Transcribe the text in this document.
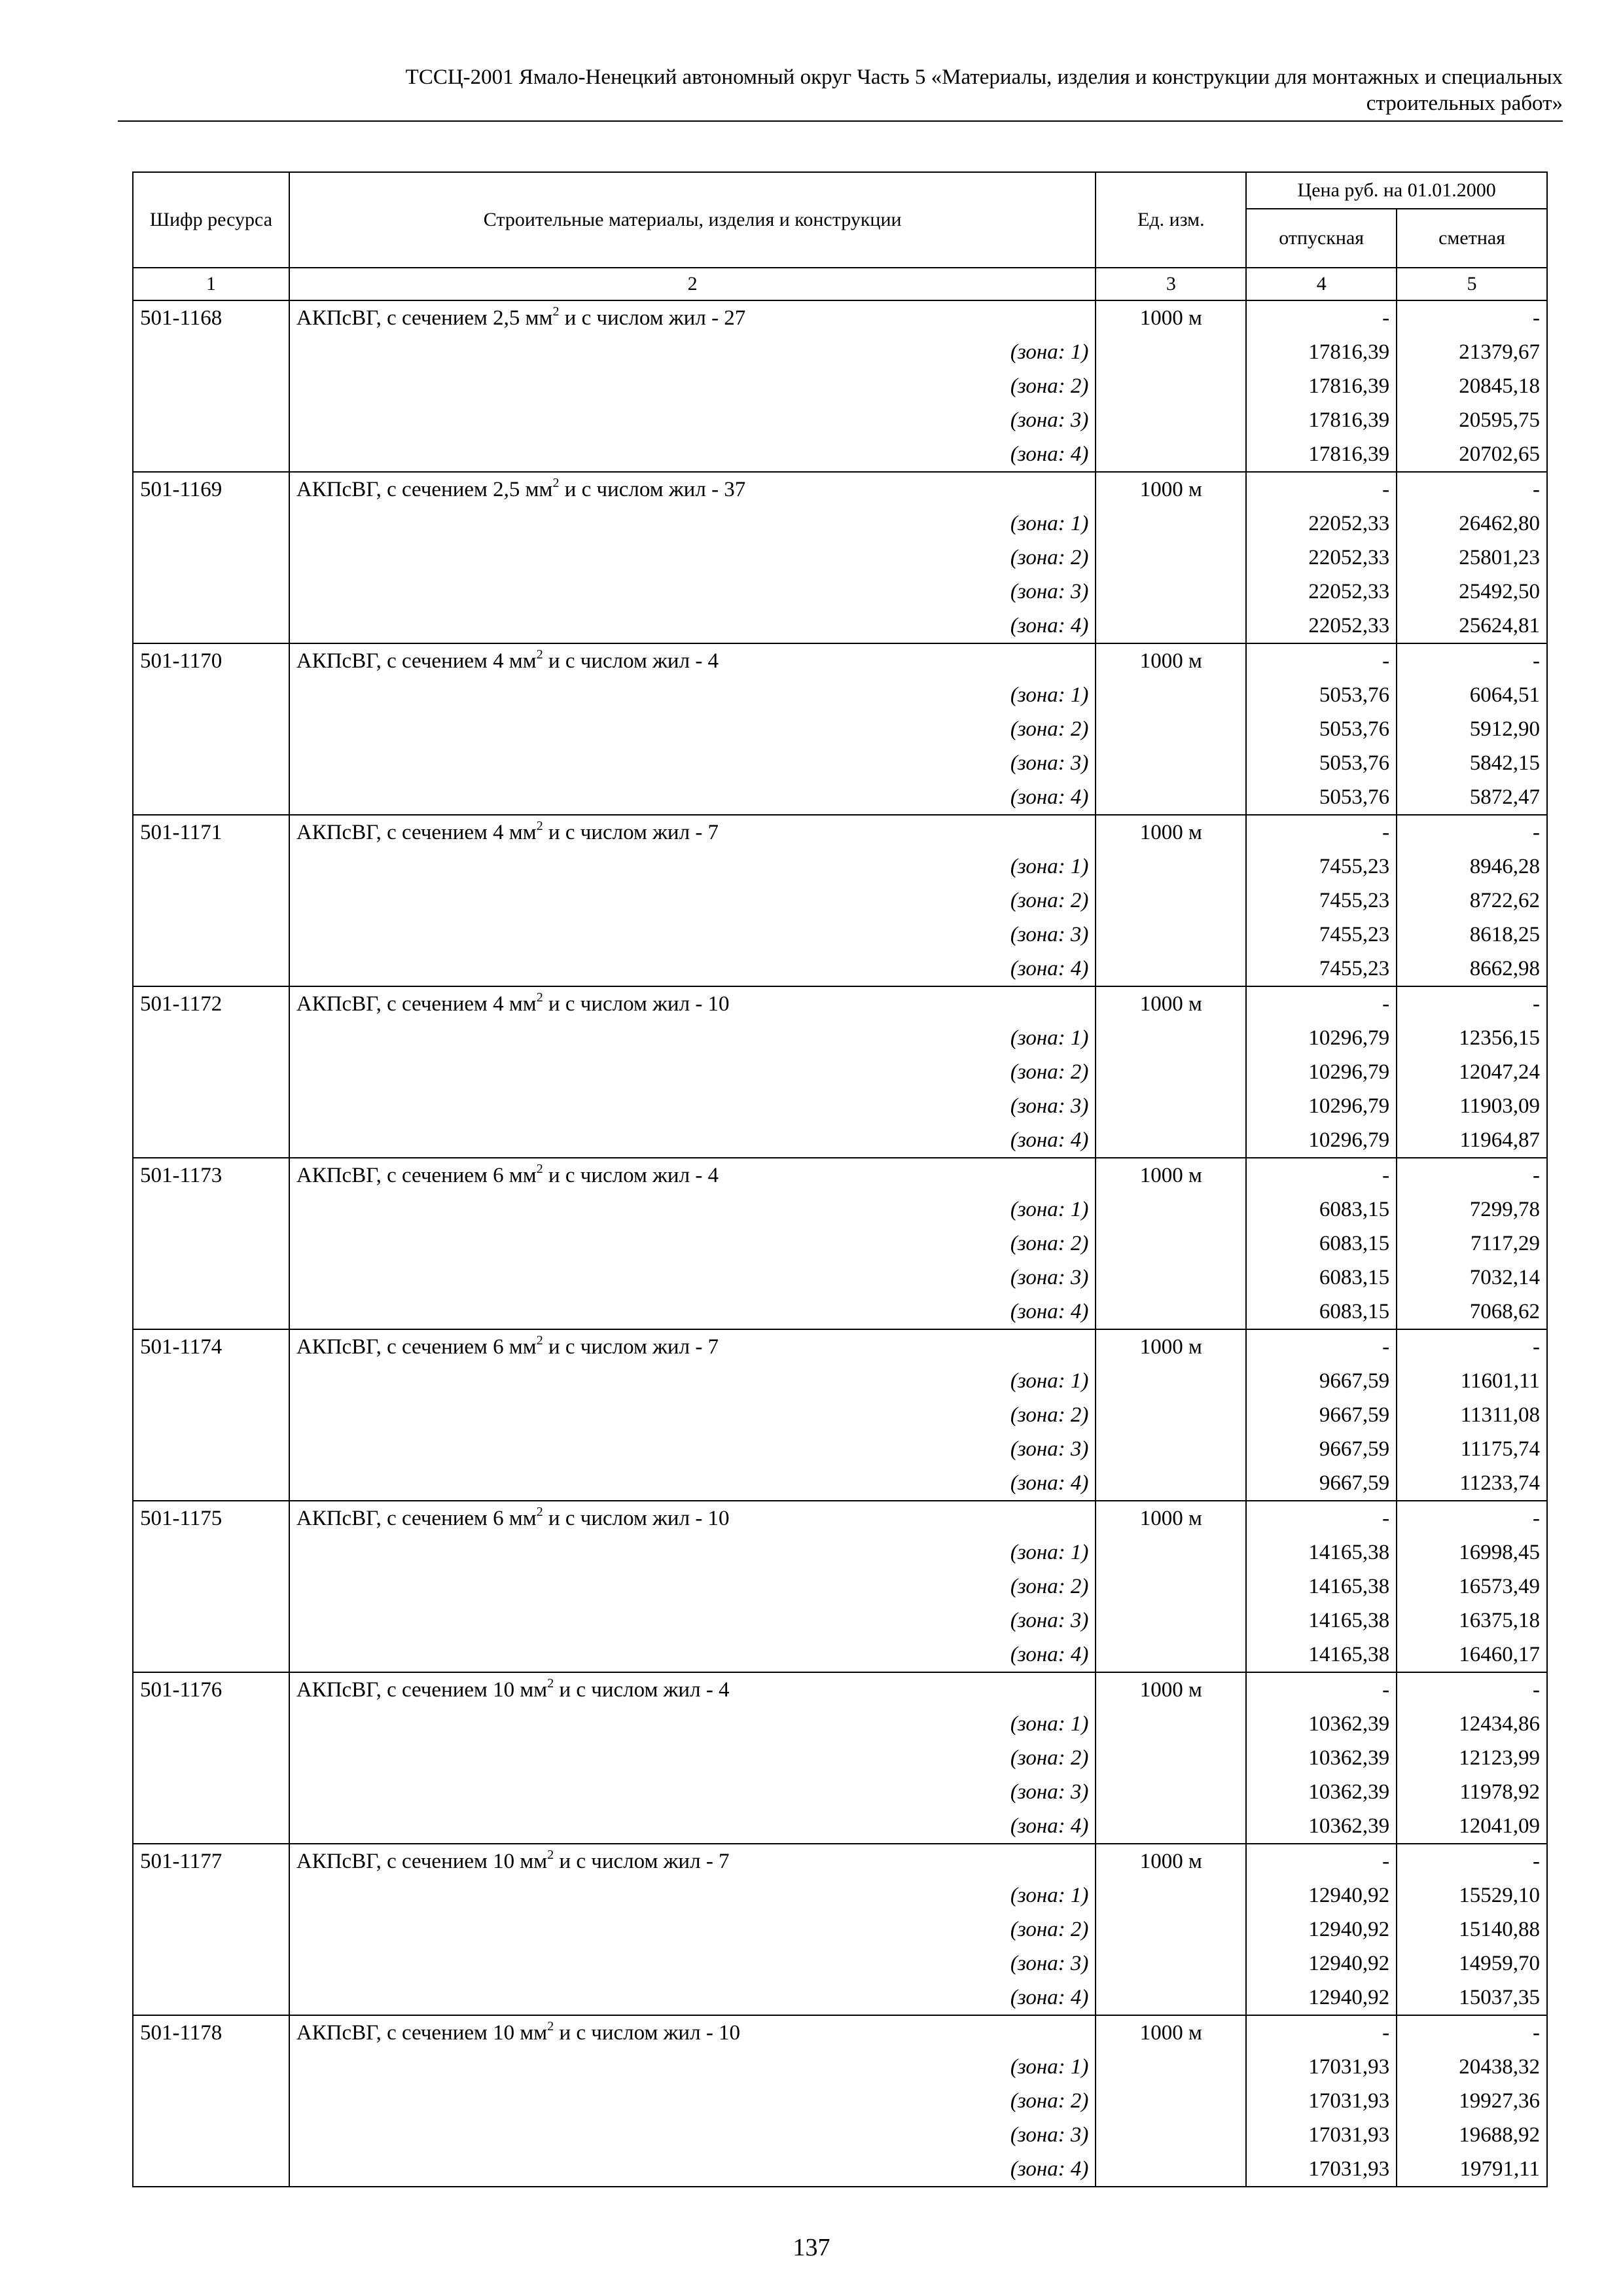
ТССЦ-2001 Ямало-Ненецкий автономный округ Часть 5 «Материалы, изделия и конструкции для монтажных и специальных
строительных работ»
Шифр ресурса	Строительные материалы, изделия и конструкции	Ед. изм.	Цена руб. на 01.01.2000	
			отпускная	сметная
1	2	3	4	5
501-1168	АКПсВГ, с сечением 2,5 $мм^2$ и с числом жил - 27	1000 м	-	-
	(зона: 1)		17816,39	21379,67
	(зона: 2)		17816,39	20845,18
	(зона: 3)		17816,39	20595,75
	(зона: 4)		17816,39	20702,65
501-1169	АКПсВГ, с сечением 2,5 $мм^2$ и с числом жил - 37	1000 м	-	-
	(зона: 1)		22052,33	26462,80
	(зона: 2)		22052,33	25801,23
	(зона: 3)		22052,33	25492,50
	(зона: 4)		22052,33	25624,81
501-1170	АКПсВГ, с сечением 4 $мм^2$ и с числом жил - 4	1000 м	-	-
	(зона: 1)		5053,76	6064,51
	(зона: 2)		5053,76	5912,90
	(зона: 3)		5053,76	5842,15
	(зона: 4)		5053,76	5872,47
501-1171	АКПсВГ, с сечением 4 $мм^2$ и с числом жил - 7	1000 м	-	-
	(зона: 1)		7455,23	8946,28
	(зона: 2)		7455,23	8722,62
	(зона: 3)		7455,23	8618,25
	(зона: 4)		7455,23	8662,98
501-1172	АКПсВГ, с сечением 4 $мм^2$ и с числом жил - 10	1000 м	-	-
	(зона: 1)		10296,79	12356,15
	(зона: 2)		10296,79	12047,24
	(зона: 3)		10296,79	11903,09
	(зона: 4)		10296,79	11964,87
501-1173	АКПсВГ, с сечением 6 $мм^2$ и с числом жил - 4	1000 м	-	-
	(зона: 1)		6083,15	7299,78
	(зона: 2)		6083,15	7117,29
	(зона: 3)		6083,15	7032,14
	(зона: 4)		6083,15	7068,62
501-1174	АКПсВГ, с сечением 6 $мм^2$ и с числом жил - 7	1000 м	-	-
	(зона: 1)		9667,59	11601,11
	(зона: 2)		9667,59	11311,08
	(зона: 3)		9667,59	11175,74
	(зона: 4)		9667,59	11233,74
501-1175	АКПсВГ, с сечением 6 $мм^2$ и с числом жил - 10	1000 м	-	-
	(зона: 1)		14165,38	16998,45
	(зона: 2)		14165,38	16573,49
	(зона: 3)		14165,38	16375,18
	(зона: 4)		14165,38	16460,17
501-1176	АКПсВГ, с сечением 10 $мм^2$ и с числом жил - 4	1000 м	-	-
	(зона: 1)		10362,39	12434,86
	(зона: 2)		10362,39	12123,99
	(зона: 3)		10362,39	11978,92
	(зона: 4)		10362,39	12041,09
501-1177	АКПсВГ, с сечением 10 $мм^2$ и с числом жил - 7	1000 м	-	-
	(зона: 1)		12940,92	15529,10
	(зона: 2)		12940,92	15140,88
	(зона: 3)		12940,92	14959,70
	(зона: 4)		12940,92	15037,35
501-1178	АКПсВГ, с сечением 10 $мм^2$ и с числом жил - 10	1000 м	-	-
	(зона: 1)		17031,93	20438,32
	(зона: 2)		17031,93	19927,36
	(зона: 3)		17031,93	19688,92
	(зона: 4)		17031,93	19791,11
137
